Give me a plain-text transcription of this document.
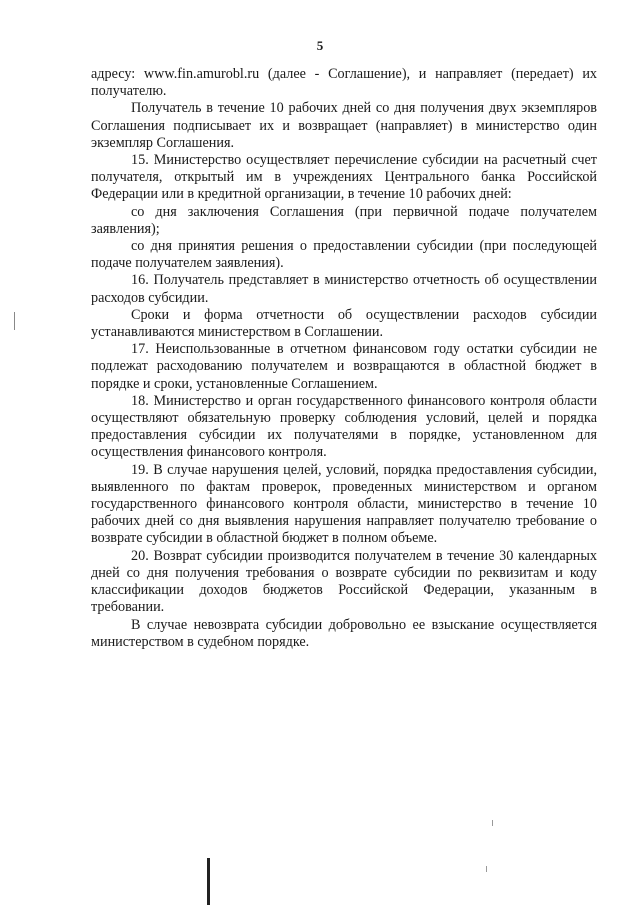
5

адресу: www.fin.amurobl.ru (далее - Соглашение), и направляет (передает) их получателю.

Получатель в течение 10 рабочих дней со дня получения двух экземпляров Соглашения подписывает их и возвращает (направляет) в министерство один экземпляр Соглашения.

15. Министерство осуществляет перечисление субсидии на расчетный счет получателя, открытый им в учреждениях Центрального банка Российской Федерации или в кредитной организации, в течение 10 рабочих дней:

со дня заключения Соглашения (при первичной подаче получателем заявления);

со дня принятия решения о предоставлении субсидии (при последующей подаче получателем заявления).

16. Получатель представляет в министерство отчетность об осуществлении расходов субсидии.

Сроки и форма отчетности об осуществлении расходов субсидии устанавливаются министерством в Соглашении.

17. Неиспользованные в отчетном финансовом году остатки субсидии не подлежат расходованию получателем и возвращаются в областной бюджет в порядке и сроки, установленные Соглашением.

18. Министерство и орган государственного финансового контроля области осуществляют обязательную проверку соблюдения условий, целей и порядка предоставления субсидии их получателями в порядке, установленном для осуществления финансового контроля.

19. В случае нарушения целей, условий, порядка предоставления субсидии, выявленного по фактам проверок, проведенных министерством и органом государственного финансового контроля области, министерство в течение 10 рабочих дней со дня выявления нарушения направляет получателю требование о возврате субсидии в областной бюджет в полном объеме.

20. Возврат субсидии производится получателем в течение 30 календарных дней со дня получения требования о возврате субсидии по реквизитам и коду классификации доходов бюджетов Российской Федерации, указанным в требовании.

В случае невозврата субсидии добровольно ее взыскание осуществляется министерством в судебном порядке.
